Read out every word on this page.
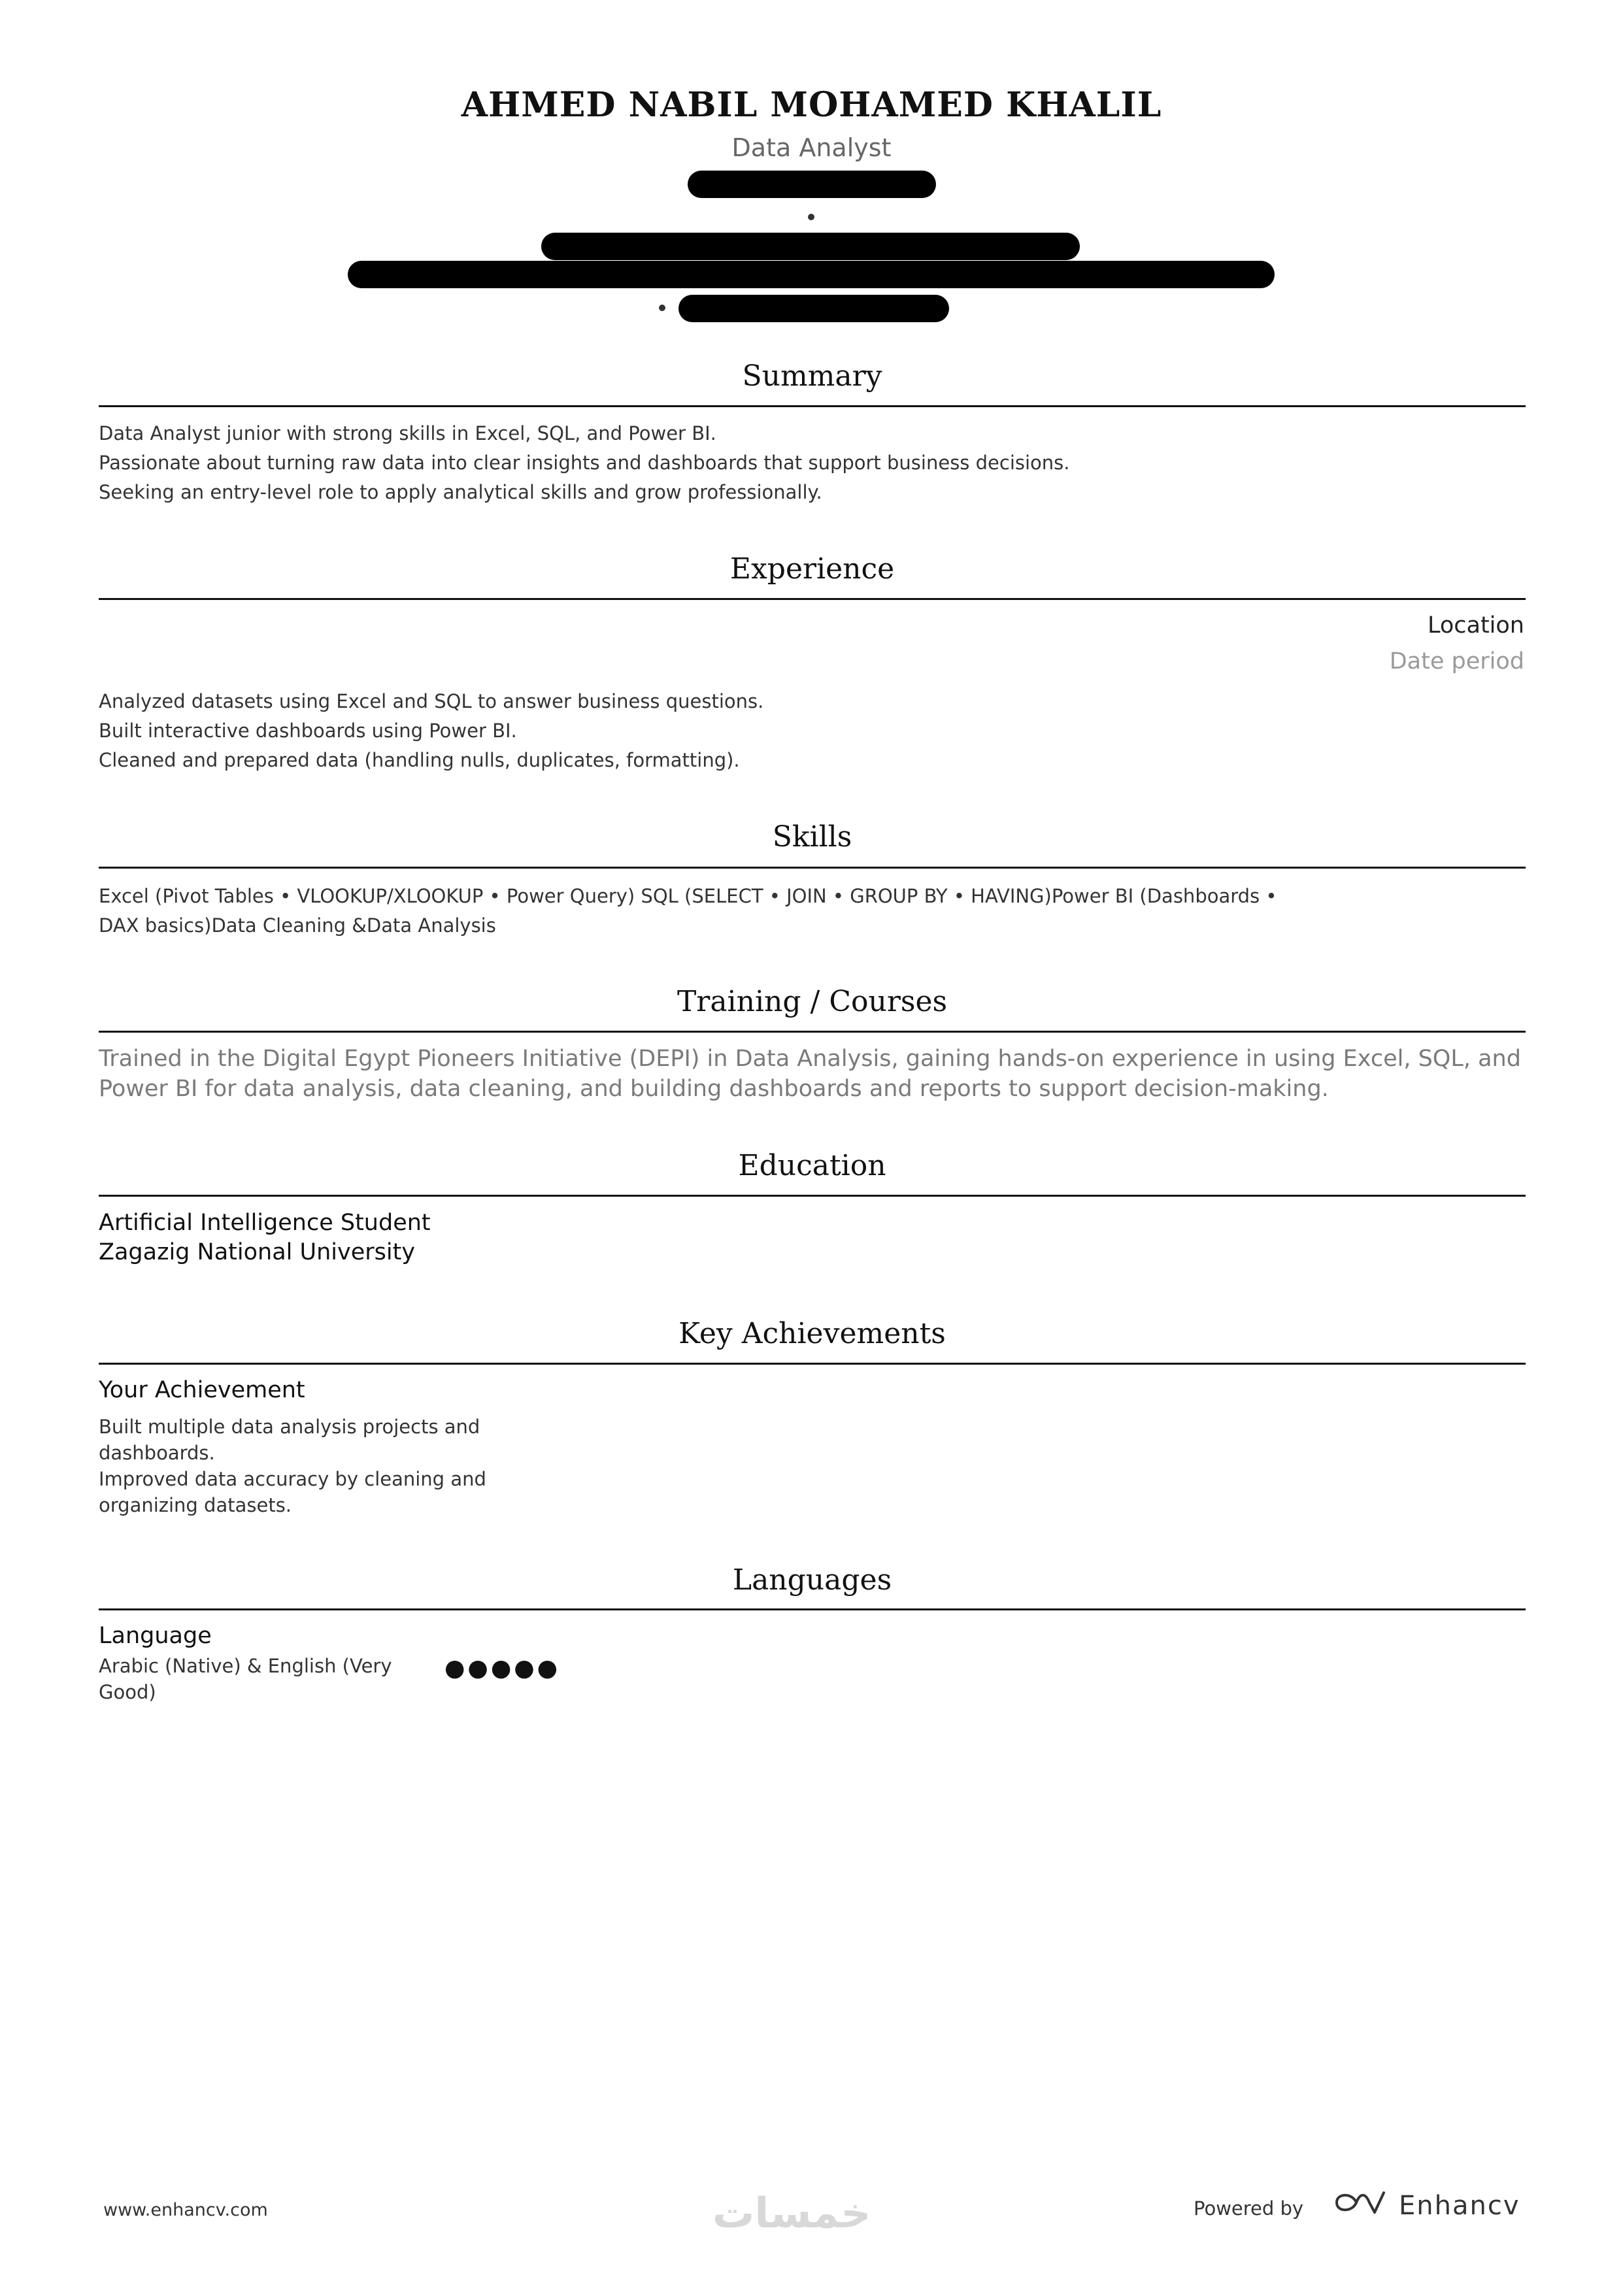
AHMED NABIL MOHAMED KHALIL
Data Analyst
Summary
Data Analyst junior with strong skills in Excel, SQL, and Power BI.
Passionate about turning raw data into clear insights and dashboards that support business decisions.
Seeking an entry-level role to apply analytical skills and grow professionally.
Experience
Location
Date period
Analyzed datasets using Excel and SQL to answer business questions.
Built interactive dashboards using Power BI.
Cleaned and prepared data (handling nulls, duplicates, formatting).
Skills
Excel (Pivot Tables • VLOOKUP/XLOOKUP • Power Query) SQL (SELECT • JOIN • GROUP BY • HAVING)Power BI (Dashboards •
DAX basics)Data Cleaning &Data Analysis
Training / Courses
Trained in the Digital Egypt Pioneers Initiative (DEPI) in Data Analysis, gaining hands-on experience in using Excel, SQL, and Power BI for data analysis, data cleaning, and building dashboards and reports to support decision-making.
Education
Artificial Intelligence Student
Zagazig National University
Key Achievements
Your Achievement
Built multiple data analysis projects and
dashboards.
Improved data accuracy by cleaning and
organizing datasets.
Languages
Language
Arabic (Native) & English (Very
Good)
●●●●●
www.enhancv.com	خمسات	Powered by	Enhancv
